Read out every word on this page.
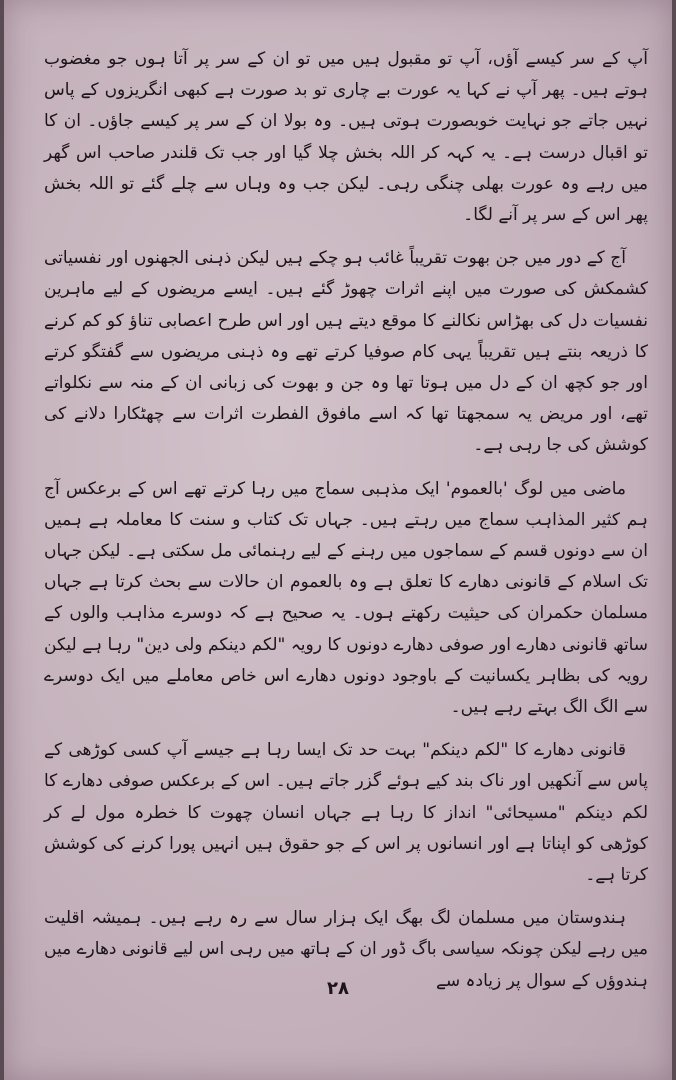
آپ کے سر کیسے آؤں، آپ تو مقبول ہیں میں تو ان کے سر پر آتا ہوں جو مغضوب ہوتے ہیں۔ پھر آپ نے کہا یہ عورت بے چاری تو بد صورت ہے کبھی انگریزوں کے پاس نہیں جاتے جو نہایت خوبصورت ہوتی ہیں۔ وہ بولا ان کے سر پر کیسے جاؤں۔ ان کا تو اقبال درست ہے۔ یہ کہہ کر اللہ بخش چلا گیا اور جب تک قلندر صاحب اس گھر میں رہے وہ عورت بھلی چنگی رہی۔ لیکن جب وہ وہاں سے چلے گئے تو اللہ بخش پھر اس کے سر پر آنے لگا۔

آج کے دور میں جن بھوت تقریباً غائب ہو چکے ہیں لیکن ذہنی الجھنوں اور نفسیاتی کشمکش کی صورت میں اپنے اثرات چھوڑ گئے ہیں۔ ایسے مریضوں کے لیے ماہرین نفسیات دل کی بھڑاس نکالنے کا موقع دیتے ہیں اور اس طرح اعصابی تناؤ کو کم کرنے کا ذریعہ بنتے ہیں تقریباً یہی کام صوفیا کرتے تھے وہ ذہنی مریضوں سے گفتگو کرتے اور جو کچھ ان کے دل میں ہوتا تھا وہ جن و بھوت کی زبانی ان کے منہ سے نکلواتے تھے، اور مریض یہ سمجھتا تھا کہ اسے مافوق الفطرت اثرات سے چھٹکارا دلانے کی کوشش کی جا رہی ہے۔

ماضی میں لوگ 'بالعموم' ایک مذہبی سماج میں رہا کرتے تھے اس کے برعکس آج ہم کثیر المذاہب سماج میں رہتے ہیں۔ جہاں تک کتاب و سنت کا معاملہ ہے ہمیں ان سے دونوں قسم کے سماجوں میں رہنے کے لیے رہنمائی مل سکتی ہے۔ لیکن جہاں تک اسلام کے قانونی دھارے کا تعلق ہے وہ بالعموم ان حالات سے بحث کرتا ہے جہاں مسلمان حکمران کی حیثیت رکھتے ہوں۔ یہ صحیح ہے کہ دوسرے مذاہب والوں کے ساتھ قانونی دھارے اور صوفی دھارے دونوں کا رویہ "لکم دینکم ولی دین" رہا ہے لیکن رویہ کی بظاہر یکسانیت کے باوجود دونوں دھارے اس خاص معاملے میں ایک دوسرے سے الگ الگ بہتے رہے ہیں۔

قانونی دھارے کا "لکم دینکم" بہت حد تک ایسا رہا ہے جیسے آپ کسی کوڑھی کے پاس سے آنکھیں اور ناک بند کیے ہوئے گزر جاتے ہیں۔ اس کے برعکس صوفی دھارے کا لکم دینکم "مسیحائی" انداز کا رہا ہے جہاں انسان چھوت کا خطرہ مول لے کر کوڑھی کو اپناتا ہے اور انسانوں پر اس کے جو حقوق ہیں انہیں پورا کرنے کی کوشش کرتا ہے۔

ہندوستان میں مسلمان لگ بھگ ایک ہزار سال سے رہ رہے ہیں۔ ہمیشہ اقلیت میں رہے لیکن چونکہ سیاسی باگ ڈور ان کے ہاتھ میں رہی اس لیے قانونی دھارے میں ہندوؤں کے سوال پر زیادہ سے

۲۸
